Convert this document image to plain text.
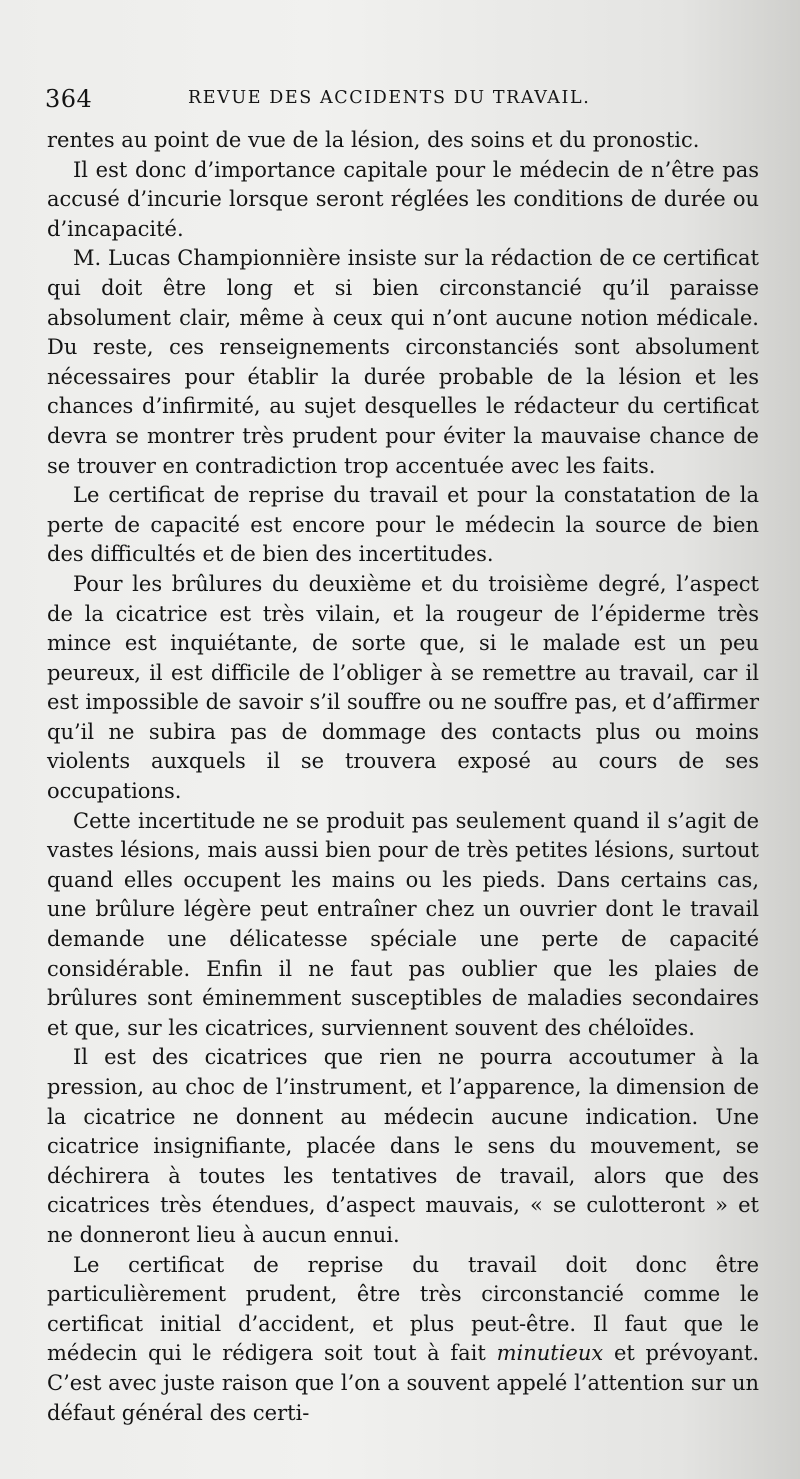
364	REVUE DES ACCIDENTS DU TRAVAIL.

rentes au point de vue de la lésion, des soins et du pronostic.

Il est donc d’importance capitale pour le médecin de n’être pas accusé d’incurie lorsque seront réglées les conditions de durée ou d’incapacité.

M. Lucas Championnière insiste sur la rédaction de ce certificat qui doit être long et si bien circonstancié qu’il paraisse absolument clair, même à ceux qui n’ont aucune notion médicale. Du reste, ces renseignements circonstanciés sont absolument nécessaires pour établir la durée probable de la lésion et les chances d’infirmité, au sujet desquelles le rédacteur du certificat devra se montrer très prudent pour éviter la mauvaise chance de se trouver en contradiction trop accentuée avec les faits.

Le certificat de reprise du travail et pour la constatation de la perte de capacité est encore pour le médecin la source de bien des difficultés et de bien des incertitudes.

Pour les brûlures du deuxième et du troisième degré, l’aspect de la cicatrice est très vilain, et la rougeur de l’épiderme très mince est inquiétante, de sorte que, si le malade est un peu peureux, il est difficile de l’obliger à se remettre au travail, car il est impossible de savoir s’il souffre ou ne souffre pas, et d’affirmer qu’il ne subira pas de dommage des contacts plus ou moins violents auxquels il se trouvera exposé au cours de ses occupations.

Cette incertitude ne se produit pas seulement quand il s’agit de vastes lésions, mais aussi bien pour de très petites lésions, surtout quand elles occupent les mains ou les pieds. Dans certains cas, une brûlure légère peut entraîner chez un ouvrier dont le travail demande une délicatesse spéciale une perte de capacité considérable. Enfin il ne faut pas oublier que les plaies de brûlures sont éminemment susceptibles de maladies secondaires et que, sur les cicatrices, surviennent souvent des chéloïdes.

Il est des cicatrices que rien ne pourra accoutumer à la pression, au choc de l’instrument, et l’apparence, la dimension de la cicatrice ne donnent au médecin aucune indication. Une cicatrice insignifiante, placée dans le sens du mouvement, se déchirera à toutes les tentatives de travail, alors que des cicatrices très étendues, d’aspect mauvais, « se culotteront » et ne donneront lieu à aucun ennui.

Le certificat de reprise du travail doit donc être particulièrement prudent, être très circonstancié comme le certificat initial d’accident, et plus peut-être. Il faut que le médecin qui le rédigera soit tout à fait minutieux et prévoyant. C’est avec juste raison que l’on a souvent appelé l’attention sur un défaut général des certi-
